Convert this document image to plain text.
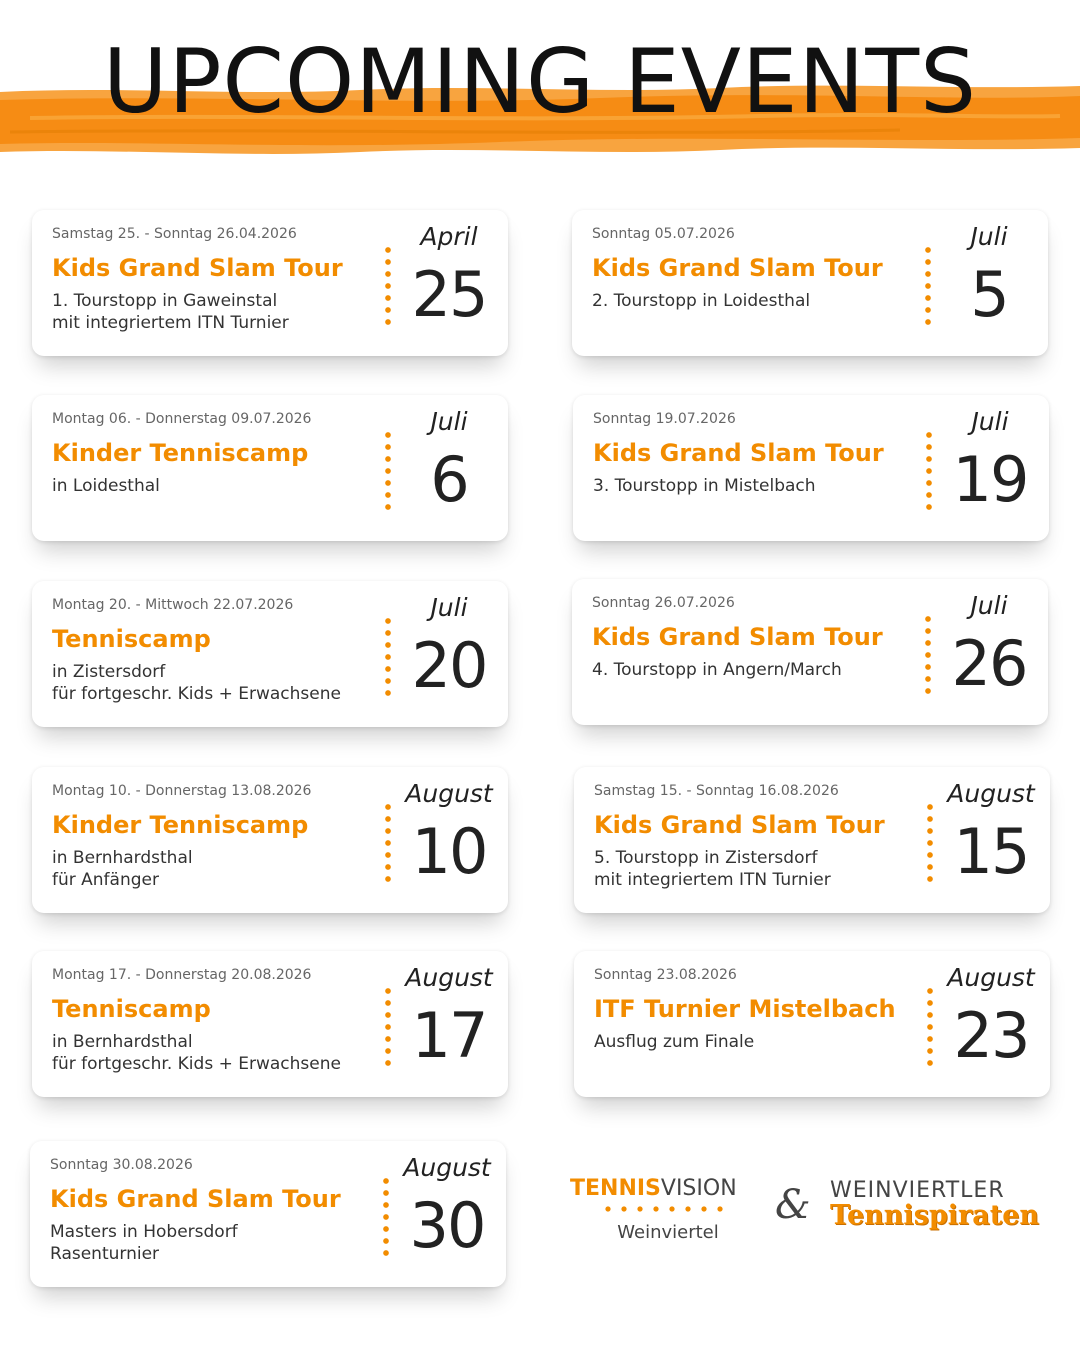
UPCOMING EVENTS
Samstag 25. - Sonntag 26.04.2026
Kids Grand Slam Tour
1. Tourstopp in Gaweinstal
mit integriertem ITN Turnier
April
25
Sonntag 05.07.2026
Kids Grand Slam Tour
2. Tourstopp in Loidesthal
Juli
5
Montag 06. - Donnerstag 09.07.2026
Kinder Tenniscamp
in Loidesthal
Juli
6
Sonntag 19.07.2026
Kids Grand Slam Tour
3. Tourstopp in Mistelbach
Juli
19
Montag 20. - Mittwoch 22.07.2026
Tenniscamp
in Zistersdorf
für fortgeschr. Kids + Erwachsene
Juli
20
Sonntag 26.07.2026
Kids Grand Slam Tour
4. Tourstopp in Angern/March
Juli
26
Montag 10. - Donnerstag 13.08.2026
Kinder Tenniscamp
in Bernhardsthal
für Anfänger
August
10
Samstag 15. - Sonntag 16.08.2026
Kids Grand Slam Tour
5. Tourstopp in Zistersdorf
mit integriertem ITN Turnier
August
15
Montag 17. - Donnerstag 20.08.2026
Tenniscamp
in Bernhardsthal
für fortgeschr. Kids + Erwachsene
August
17
Sonntag 23.08.2026
ITF Turnier Mistelbach
Ausflug zum Finale
August
23
Sonntag 30.08.2026
Kids Grand Slam Tour
Masters in Hobersdorf
Rasenturnier
August
30
TENNISVISION
Weinviertel
& WEINVIERTLER
Tennispiraten
